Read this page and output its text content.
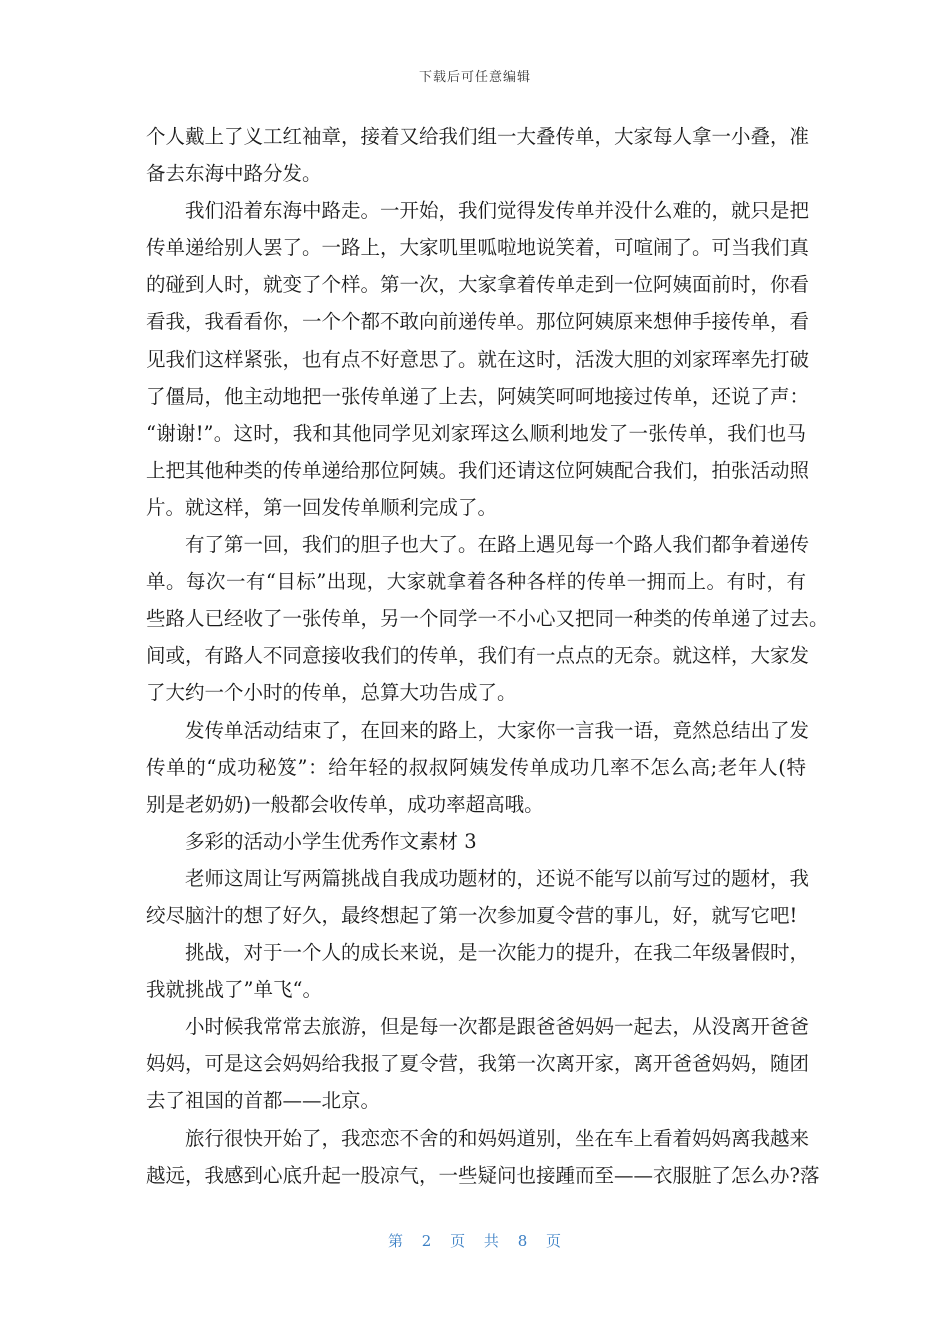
下载后可任意编辑
个人戴上了义工红袖章，接着又给我们组一大叠传单，大家每人拿一小叠，准
备去东海中路分发。
我们沿着东海中路走。一开始，我们觉得发传单并没什么难的，就只是把
传单递给别人罢了。一路上，大家叽里呱啦地说笑着，可喧闹了。可当我们真
的碰到人时，就变了个样。第一次，大家拿着传单走到一位阿姨面前时，你看
看我，我看看你，一个个都不敢向前递传单。那位阿姨原来想伸手接传单，看
见我们这样紧张，也有点不好意思了。就在这时，活泼大胆的刘家珲率先打破
了僵局，他主动地把一张传单递了上去，阿姨笑呵呵地接过传单，还说了声：
“谢谢!”。这时，我和其他同学见刘家珲这么顺利地发了一张传单，我们也马
上把其他种类的传单递给那位阿姨。我们还请这位阿姨配合我们，拍张活动照
片。就这样，第一回发传单顺利完成了。
有了第一回，我们的胆子也大了。在路上遇见每一个路人我们都争着递传
单。每次一有“目标”出现，大家就拿着各种各样的传单一拥而上。有时，有
些路人已经收了一张传单，另一个同学一不小心又把同一种类的传单递了过去。
间或，有路人不同意接收我们的传单，我们有一点点的无奈。就这样，大家发
了大约一个小时的传单，总算大功告成了。
发传单活动结束了，在回来的路上，大家你一言我一语，竟然总结出了发
传单的“成功秘笈”：给年轻的叔叔阿姨发传单成功几率不怎么高;老年人(特
别是老奶奶)一般都会收传单，成功率超高哦。
多彩的活动小学生优秀作文素材 3
老师这周让写两篇挑战自我成功题材的，还说不能写以前写过的题材，我
绞尽脑汁的想了好久，最终想起了第一次参加夏令营的事儿，好，就写它吧!
挑战，对于一个人的成长来说，是一次能力的提升，在我二年级暑假时，
我就挑战了”单飞“。
小时候我常常去旅游，但是每一次都是跟爸爸妈妈一起去，从没离开爸爸
妈妈，可是这会妈妈给我报了夏令营，我第一次离开家，离开爸爸妈妈，随团
去了祖国的首都——北京。
旅行很快开始了，我恋恋不舍的和妈妈道别，坐在车上看着妈妈离我越来
越远，我感到心底升起一股凉气，一些疑问也接踵而至——衣服脏了怎么办?落
第 2 页 共 8 页
